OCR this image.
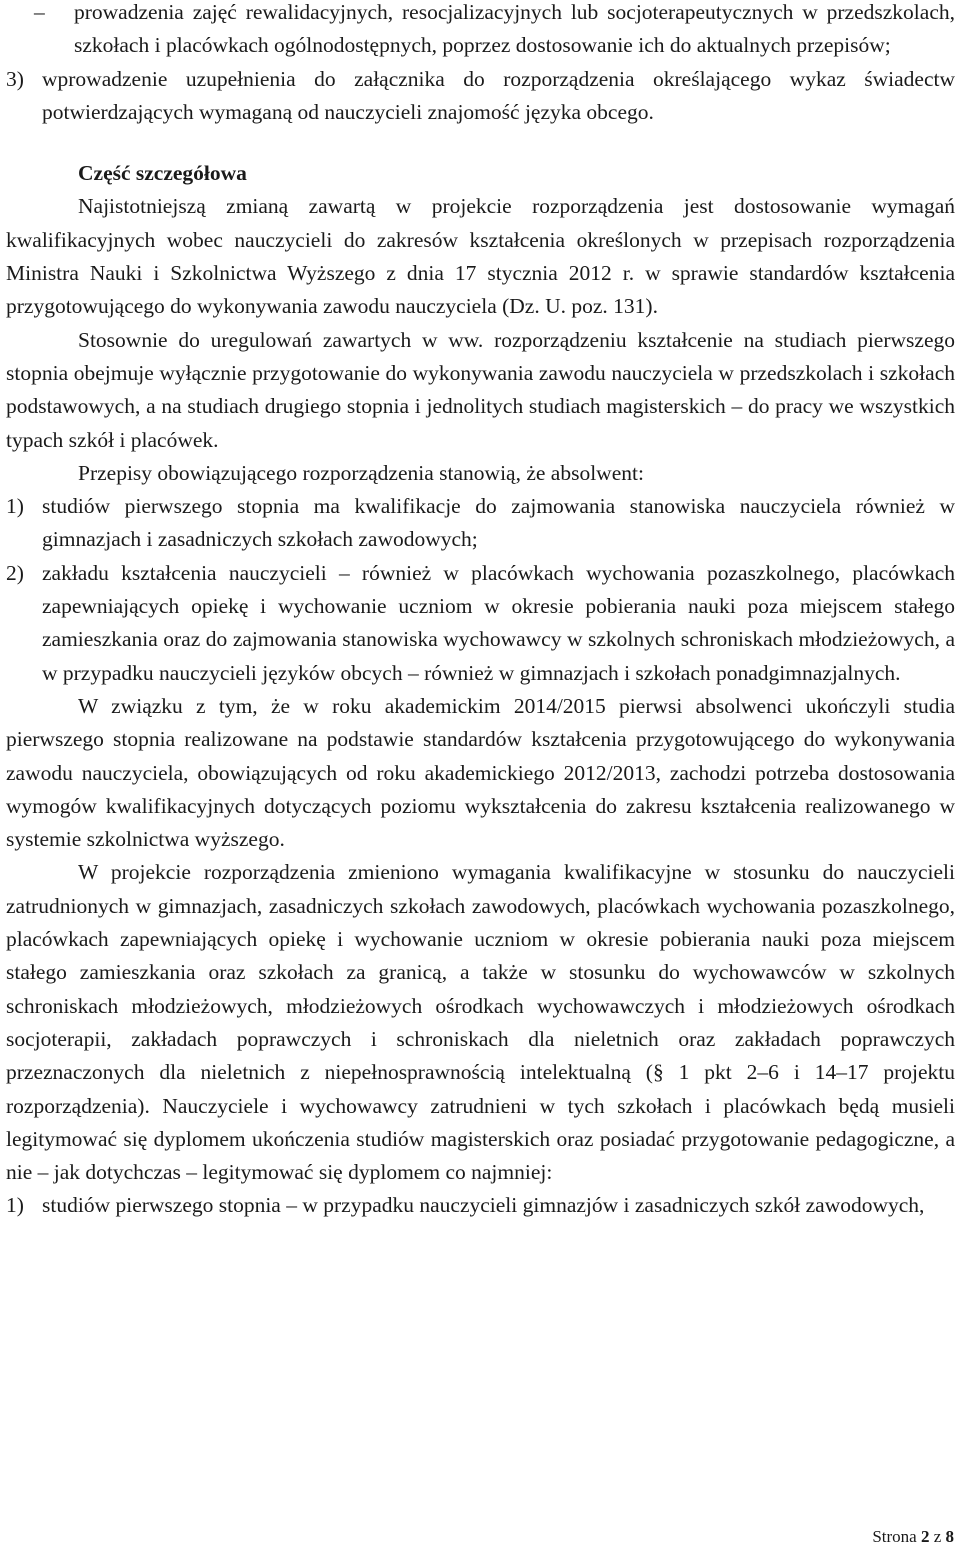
–	prowadzenia zajęć rewalidacyjnych, resocjalizacyjnych lub socjoterapeutycznych w przedszkolach, szkołach i placówkach ogólnodostępnych, poprzez dostosowanie ich do aktualnych przepisów;
3) wprowadzenie uzupełnienia do załącznika do rozporządzenia określającego wykaz świadectw potwierdzających wymaganą od nauczycieli znajomość języka obcego.

Część szczegółowa

Najistotniejszą zmianą zawartą w projekcie rozporządzenia jest dostosowanie wymagań kwalifikacyjnych wobec nauczycieli do zakresów kształcenia określonych w przepisach rozporządzenia Ministra Nauki i Szkolnictwa Wyższego z dnia 17 stycznia 2012 r. w sprawie standardów kształcenia przygotowującego do wykonywania zawodu nauczyciela (Dz. U. poz. 131).

Stosownie do uregulowań zawartych w ww. rozporządzeniu kształcenie na studiach pierwszego stopnia obejmuje wyłącznie przygotowanie do wykonywania zawodu nauczyciela w przedszkolach i szkołach podstawowych, a na studiach drugiego stopnia i jednolitych studiach magisterskich – do pracy we wszystkich typach szkół i placówek.

Przepisy obowiązującego rozporządzenia stanowią, że absolwent:

1) studiów pierwszego stopnia ma kwalifikacje do zajmowania stanowiska nauczyciela również w gimnazjach i zasadniczych szkołach zawodowych;
2) zakładu kształcenia nauczycieli – również w placówkach wychowania pozaszkolnego, placówkach zapewniających opiekę i wychowanie uczniom w okresie pobierania nauki poza miejscem stałego zamieszkania oraz do zajmowania stanowiska wychowawcy w szkolnych schroniskach młodzieżowych, a w przypadku nauczycieli języków obcych – również w gimnazjach i szkołach ponadgimnazjalnych.

W związku z tym, że w roku akademickim 2014/2015 pierwsi absolwenci ukończyli studia pierwszego stopnia realizowane na podstawie standardów kształcenia przygotowującego do wykonywania zawodu nauczyciela, obowiązujących od roku akademickiego 2012/2013, zachodzi potrzeba dostosowania wymogów kwalifikacyjnych dotyczących poziomu wykształcenia do zakresu kształcenia realizowanego w systemie szkolnictwa wyższego.

W projekcie rozporządzenia zmieniono wymagania kwalifikacyjne w stosunku do nauczycieli zatrudnionych w gimnazjach, zasadniczych szkołach zawodowych, placówkach wychowania pozaszkolnego, placówkach zapewniających opiekę i wychowanie uczniom w okresie pobierania nauki poza miejscem stałego zamieszkania oraz szkołach za granicą, a także w stosunku do wychowawców w szkolnych schroniskach młodzieżowych, młodzieżowych ośrodkach wychowawczych i młodzieżowych ośrodkach socjoterapii, zakładach poprawczych i schroniskach dla nieletnich oraz zakładach poprawczych przeznaczonych dla nieletnich z niepełnosprawnością intelektualną (§ 1 pkt 2–6 i 14–17 projektu rozporządzenia). Nauczyciele i wychowawcy zatrudnieni w tych szkołach i placówkach będą musieli legitymować się dyplomem ukończenia studiów magisterskich oraz posiadać przygotowanie pedagogiczne, a nie – jak dotychczas – legitymować się dyplomem co najmniej:

1) studiów pierwszego stopnia – w przypadku nauczycieli gimnazjów i zasadniczych szkół zawodowych,
Strona 2 z 8
